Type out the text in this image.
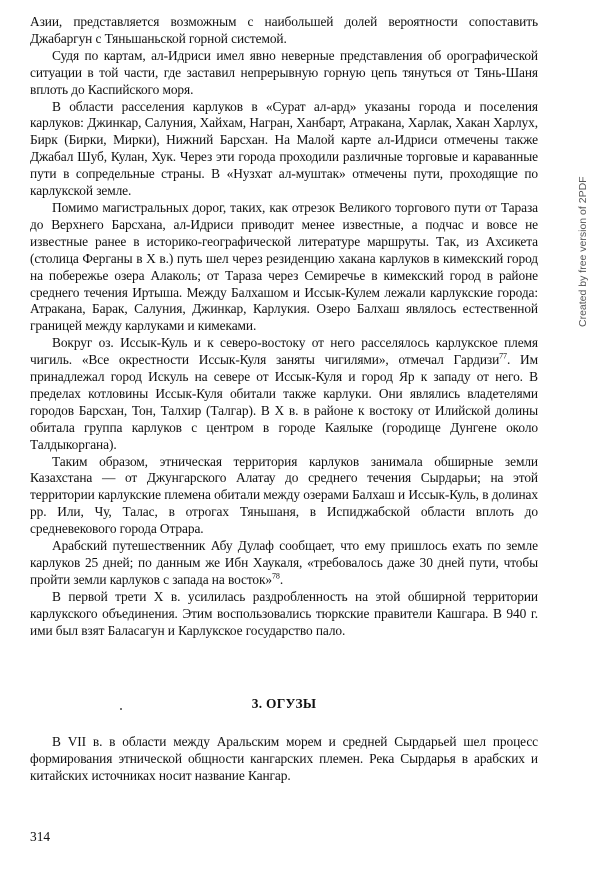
Азии, представляется возможным с наибольшей долей вероятности сопоставить Джабаргун с Тяньшаньской горной системой.

Судя по картам, ал-Идриси имел явно неверные представления об орографической ситуации в той части, где заставил непрерывную горную цепь тянуться от Тянь-Шаня вплоть до Каспийского моря.

В области расселения карлуков в «Сурат ал-ард» указаны города и поселения карлуков: Джинкар, Салуния, Хайхам, Награн, Ханбарт, Атракана, Харлак, Хакан Харлух, Бирк (Бирки, Мирки), Нижний Барсхан. На Малой карте ал-Идриси отмечены также Джабал Шуб, Кулан, Хук. Через эти города проходили различные торговые и караванные пути в сопредельные страны. В «Нузхат ал-муштак» отмечены пути, проходящие по карлукской земле.

Помимо магистральных дорог, таких, как отрезок Великого торгового пути от Тараза до Верхнего Барсхана, ал-Идриси приводит менее известные, а подчас и вовсе не известные ранее в историко-географической литературе маршруты. Так, из Ахсикета (столица Ферганы в X в.) путь шел через резиденцию хакана карлуков в кимекский город на побережье озера Алаколь; от Тараза через Семиречье в кимекский город в районе среднего течения Иртыша. Между Балхашом и Иссык-Кулем лежали карлукские города: Атракана, Барак, Салуния, Джинкар, Карлукия. Озеро Балхаш являлось естественной границей между карлуками и кимеками.

Вокруг оз. Иссык-Куль и к северо-востоку от него расселялось карлукское племя чигиль. «Все окрестности Иссык-Куля заняты чигилями», отмечал Гардизи$^{77}$. Им принадлежал город Искуль на севере от Иссык-Куля и город Яр к западу от него. В пределах котловины Иссык-Куля обитали также карлуки. Они являлись владетелями городов Барсхан, Тон, Талхир (Талгар). В X в. в районе к востоку от Илийской долины обитала группа карлуков с центром в городе Каялыке (городище Дунгене около Талдыкоргана).

Таким образом, этническая территория карлуков занимала обширные земли Казахстана — от Джунгарского Алатау до среднего течения Сырдарьи; на этой территории карлукские племена обитали между озерами Балхаш и Иссык-Куль, в долинах рр. Или, Чу, Талас, в отрогах Тяньшаня, в Испиджабской области вплоть до средневекового города Отрара.

Арабский путешественник Абу Дулаф сообщает, что ему пришлось ехать по земле карлуков 25 дней; по данным же Ибн Хаукаля, «требовалось даже 30 дней пути, чтобы пройти земли карлуков с запада на восток»$^{78}$.

В первой трети X в. усилилась раздробленность на этой обширной территории карлукского объединения. Этим воспользовались тюркские правители Кашгара. В 940 г. ими был взят Баласагун и Карлукское государство пало.

3. ОГУЗЫ

В VII в. в области между Аральским морем и средней Сырдарьей шел процесс формирования этнической общности кангарских племен. Река Сырдарья в арабских и китайских источниках носит название Кангар.

314
Created by free version of 2PDF
